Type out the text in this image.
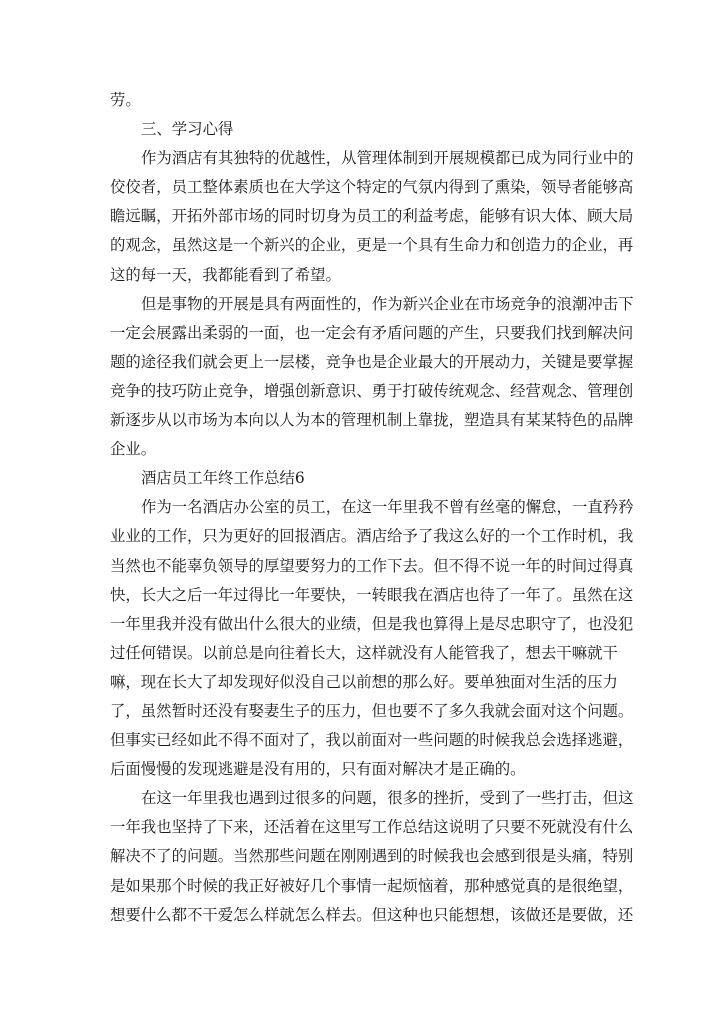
劳。
三、学习心得
作为酒店有其独特的优越性，从管理体制到开展规模都已成为同行业中的
佼佼者，员工整体素质也在大学这个特定的气氛内得到了熏染，领导者能够高
瞻远瞩，开拓外部市场的同时切身为员工的利益考虑，能够有识大体、顾大局
的观念，虽然这是一个新兴的企业，更是一个具有生命力和创造力的企业，再
这的每一天，我都能看到了希望。
但是事物的开展是具有两面性的，作为新兴企业在市场竞争的浪潮冲击下
一定会展露出柔弱的一面，也一定会有矛盾问题的产生，只要我们找到解决问
题的途径我们就会更上一层楼，竞争也是企业最大的开展动力，关键是要掌握
竞争的技巧防止竞争，增强创新意识、勇于打破传统观念、经营观念、管理创
新逐步从以市场为本向以人为本的管理机制上靠拢，塑造具有某某特色的品牌
企业。
酒店员工年终工作总结6
作为一名酒店办公室的员工，在这一年里我不曾有丝毫的懈怠，一直矜矜
业业的工作，只为更好的回报酒店。酒店给予了我这么好的一个工作时机，我
当然也不能辜负领导的厚望要努力的工作下去。但不得不说一年的时间过得真
快，长大之后一年过得比一年要快，一转眼我在酒店也待了一年了。虽然在这
一年里我并没有做出什么很大的业绩，但是我也算得上是尽忠职守了，也没犯
过任何错误。以前总是向往着长大，这样就没有人能管我了，想去干嘛就干
嘛，现在长大了却发现好似没自己以前想的那么好。要单独面对生活的压力
了，虽然暂时还没有娶妻生子的压力，但也要不了多久我就会面对这个问题。
但事实已经如此不得不面对了，我以前面对一些问题的时候我总会选择逃避，
后面慢慢的发现逃避是没有用的，只有面对解决才是正确的。
在这一年里我也遇到过很多的问题，很多的挫折，受到了一些打击，但这
一年我也坚持了下来，还活着在这里写工作总结这说明了只要不死就没有什么
解决不了的问题。当然那些问题在刚刚遇到的时候我也会感到很是头痛，特别
是如果那个时候的我正好被好几个事情一起烦恼着，那种感觉真的是很绝望，
想要什么都不干爱怎么样就怎么样去。但这种也只能想想，该做还是要做，还
